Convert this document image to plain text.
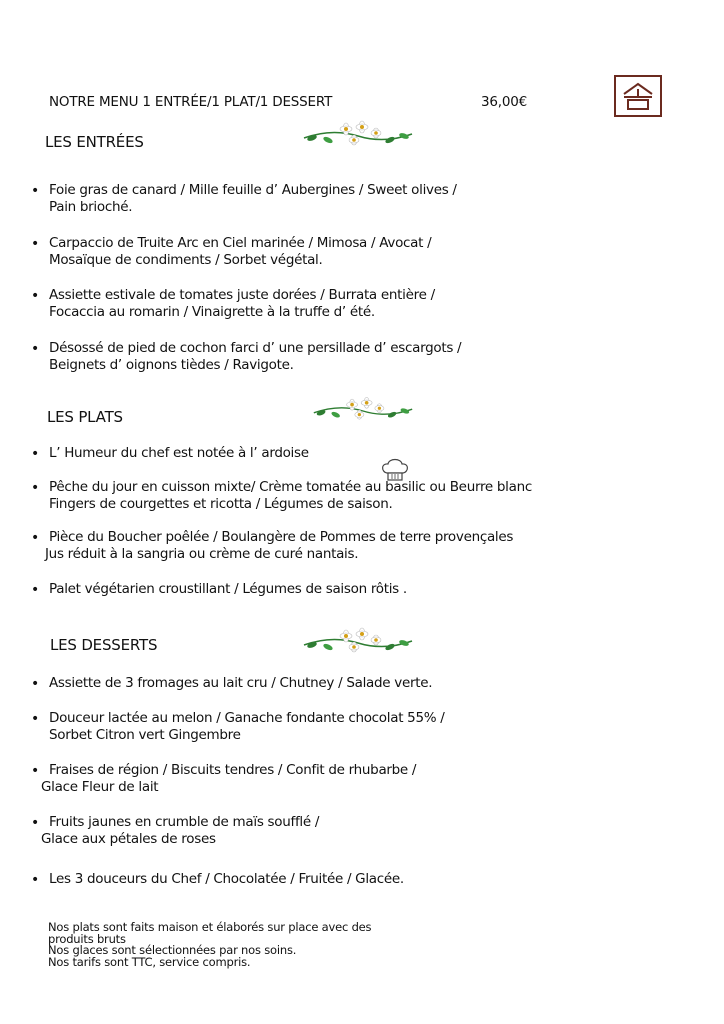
NOTRE MENU 1 ENTRÉE/1 PLAT/1 DESSERT	36,00€
LES ENTRÉES
• Foie gras de canard / Mille feuille d’ Aubergines / Sweet olives /
Pain brioché.
• Carpaccio de Truite Arc en Ciel marinée / Mimosa / Avocat /
Mosaïque de condiments / Sorbet végétal.
• Assiette estivale de tomates juste dorées / Burrata entière /
Focaccia au romarin / Vinaigrette à la truffe d’ été.
• Désossé de pied de cochon farci d’ une persillade d’ escargots /
Beignets d’ oignons tièdes / Ravigote.
LES PLATS
• L’ Humeur du chef est notée à l’ ardoise
• Pêche du jour en cuisson mixte/ Crème tomatée au basilic ou Beurre blanc
Fingers de courgettes et ricotta / Légumes de saison.
• Pièce du Boucher poêlée / Boulangère de Pommes de terre provençales
Jus réduit à la sangria ou crème de curé nantais.
• Palet végétarien croustillant / Légumes de saison rôtis .
LES DESSERTS
• Assiette de 3 fromages au lait cru / Chutney / Salade verte.
• Douceur lactée au melon / Ganache fondante chocolat 55% /
Sorbet Citron vert Gingembre
• Fraises de région / Biscuits tendres / Confit de rhubarbe /
Glace Fleur de lait
• Fruits jaunes en crumble de maïs soufflé /
Glace aux pétales de roses
• Les 3 douceurs du Chef / Chocolatée / Fruitée / Glacée.
Nos plats sont faits maison et élaborés sur place avec des
produits bruts
Nos glaces sont sélectionnées par nos soins.
Nos tarifs sont TTC, service compris.
